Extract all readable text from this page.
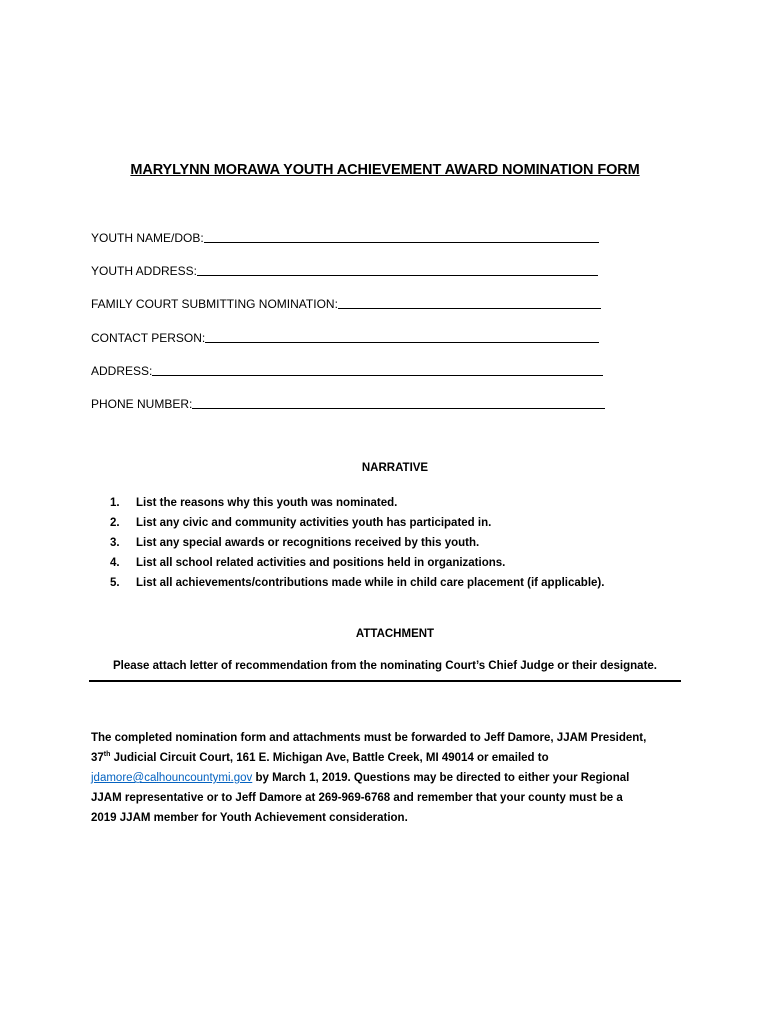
MARYLYNN MORAWA YOUTH ACHIEVEMENT AWARD NOMINATION FORM
YOUTH NAME/DOB:
YOUTH ADDRESS:
FAMILY COURT SUBMITTING NOMINATION:
CONTACT PERSON:
ADDRESS:
PHONE NUMBER:
NARRATIVE
1.	List the reasons why this youth was nominated.
2.	List any civic and community activities youth has participated in.
3.	List any special awards or recognitions received by this youth.
4.	List all school related activities and positions held in organizations.
5.	List all achievements/contributions made while in child care placement (if applicable).
ATTACHMENT
Please attach letter of recommendation from the nominating Court’s Chief Judge or their designate.
The completed nomination form and attachments must be forwarded to Jeff Damore, JJAM President,
37th Judicial Circuit Court, 161 E. Michigan Ave, Battle Creek, MI 49014 or emailed to
jdamore@calhouncountymi.gov by March 1, 2019. Questions may be directed to either your Regional
JJAM representative or to Jeff Damore at 269-969-6768 and remember that your county must be a
2019 JJAM member for Youth Achievement consideration.
